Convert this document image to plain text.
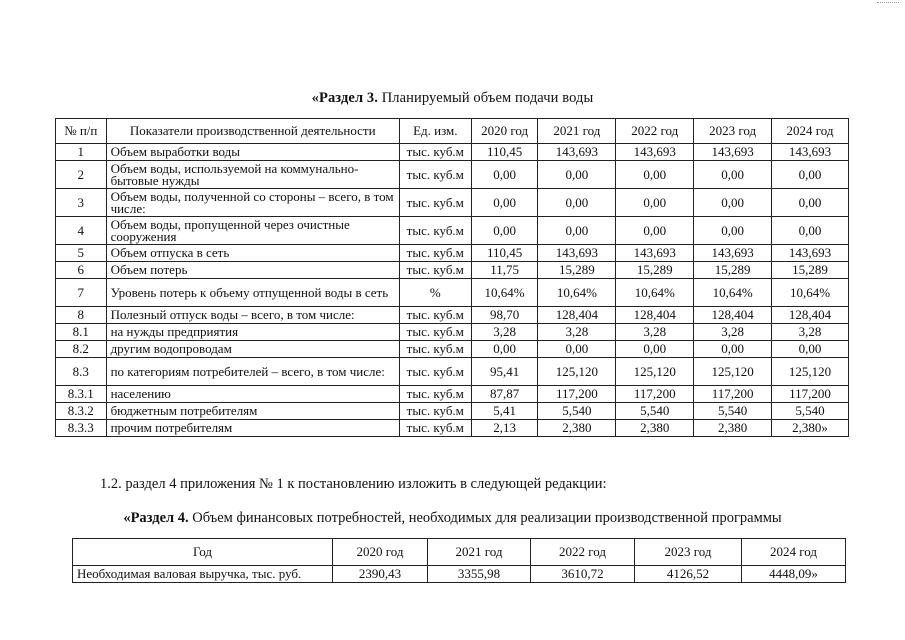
«Раздел 3. Планируемый объем подачи воды
№ п/п	Показатели производственной деятельности	Ед. изм.	2020 год	2021 год	2022 год	2023 год	2024 год
1	Объем выработки воды	тыс. куб.м	110,45	143,693	143,693	143,693	143,693
2	Объем воды, используемой на коммунально-бытовые нужды	тыс. куб.м	0,00	0,00	0,00	0,00	0,00
3	Объем воды, полученной со стороны – всего, в том числе:	тыс. куб.м	0,00	0,00	0,00	0,00	0,00
4	Объем воды, пропущенной через очистные сооружения	тыс. куб.м	0,00	0,00	0,00	0,00	0,00
5	Объем отпуска в сеть	тыс. куб.м	110,45	143,693	143,693	143,693	143,693
6	Объем потерь	тыс. куб.м	11,75	15,289	15,289	15,289	15,289
7	Уровень потерь к объему отпущенной воды в сеть	%	10,64%	10,64%	10,64%	10,64%	10,64%
8	Полезный отпуск воды – всего, в том числе:	тыс. куб.м	98,70	128,404	128,404	128,404	128,404
8.1	на нужды предприятия	тыс. куб.м	3,28	3,28	3,28	3,28	3,28
8.2	другим водопроводам	тыс. куб.м	0,00	0,00	0,00	0,00	0,00
8.3	по категориям потребителей – всего, в том числе:	тыс. куб.м	95,41	125,120	125,120	125,120	125,120
8.3.1	населению	тыс. куб.м	87,87	117,200	117,200	117,200	117,200
8.3.2	бюджетным потребителям	тыс. куб.м	5,41	5,540	5,540	5,540	5,540
8.3.3	прочим потребителям	тыс. куб.м	2,13	2,380	2,380	2,380	2,380»
1.2. раздел 4 приложения № 1 к постановлению изложить в следующей редакции:
«Раздел 4. Объем финансовых потребностей, необходимых для реализации производственной программы
Год	2020 год	2021 год	2022 год	2023 год	2024 год
Необходимая валовая выручка, тыс. руб.	2390,43	3355,98	3610,72	4126,52	4448,09»
